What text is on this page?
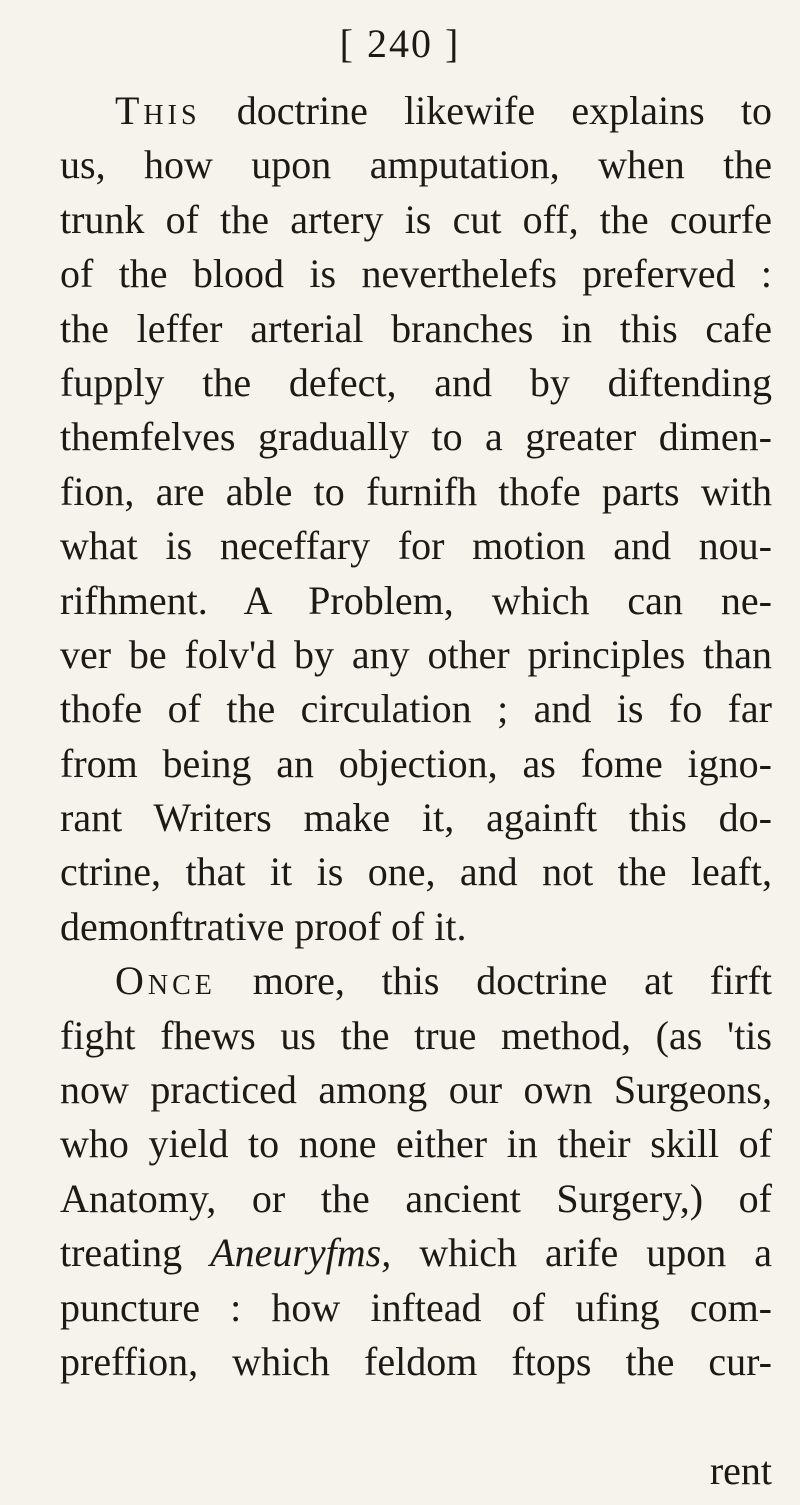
[ 240 ]
This doctrine likewife explains to
us, how upon amputation, when the
trunk of the artery is cut off, the courfe
of the blood is neverthelefs preferved :
the leffer arterial branches in this cafe
fupply the defect, and by diftending
themfelves gradually to a greater dimen-
fion, are able to furnifh thofe parts with
what is neceffary for motion and nou-
rifhment. A Problem, which can ne-
ver be folv'd by any other principles than
thofe of the circulation ; and is fo far
from being an objection, as fome igno-
rant Writers make it, againft this do-
ctrine, that it is one, and not the leaft,
demonftrative proof of it.
Once more, this doctrine at firft
fight fhews us the true method, (as 'tis
now practiced among our own Surgeons,
who yield to none either in their skill of
Anatomy, or the ancient Surgery,) of
treating Aneuryfms, which arife upon a
puncture : how inftead of ufing com-
preffion, which feldom ftops the cur-
rent
